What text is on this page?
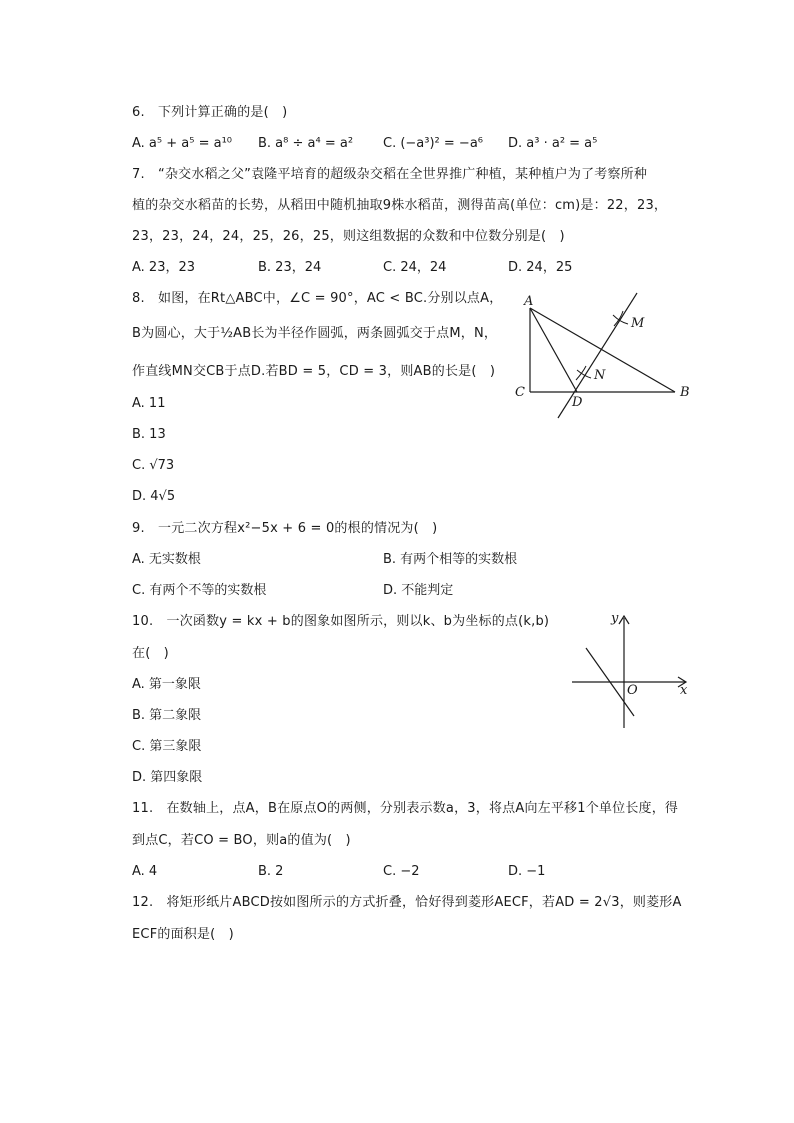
6.　下列计算正确的是(　)
A. a⁵ + a⁵ = a¹⁰ B. a⁸ ÷ a⁴ = a² C. (−a³)² = −a⁶ D. a³ · a² = a⁵
7.　“杂交水稻之父”袁隆平培育的超级杂交稻在全世界推广种植，某种植户为了考察所种
植的杂交水稻苗的长势，从稻田中随机抽取9株水稻苗，测得苗高(单位：cm)是：22，23，
23，23，24，24，25，26，25，则这组数据的众数和中位数分别是(　)
A. 23，23	B. 23，24	C. 24，24	D. 24，25
8.　如图，在Rt△ABC中，∠C = 90°，AC < BC.分别以点A，
B为圆心，大于½AB长为半径作圆弧，两条圆弧交于点M，N，
作直线MN交CB于点D.若BD = 5，CD = 3，则AB的长是(　)
A. 11
B. 13
C. √73
D. 4√5
A
B
C
D
M
N
9.　一元二次方程x²−5x + 6 = 0的根的情况为(　)
A. 无实数根	B. 有两个相等的实数根
C. 有两个不等的实数根	D. 不能判定
10.　一次函数y = kx + b的图象如图所示，则以k、b为坐标的点(k,b)
在(　)
A. 第一象限
B. 第二象限
C. 第三象限
D. 第四象限
y
x
O
11.　在数轴上，点A，B在原点O的两侧，分别表示数a，3，将点A向左平移1个单位长度，得
到点C，若CO = BO，则a的值为(　)
A. 4	B. 2	C. −2	D. −1
12.　将矩形纸片ABCD按如图所示的方式折叠，恰好得到菱形AECF，若AD = 2√3，则菱形A
ECF的面积是(　)
